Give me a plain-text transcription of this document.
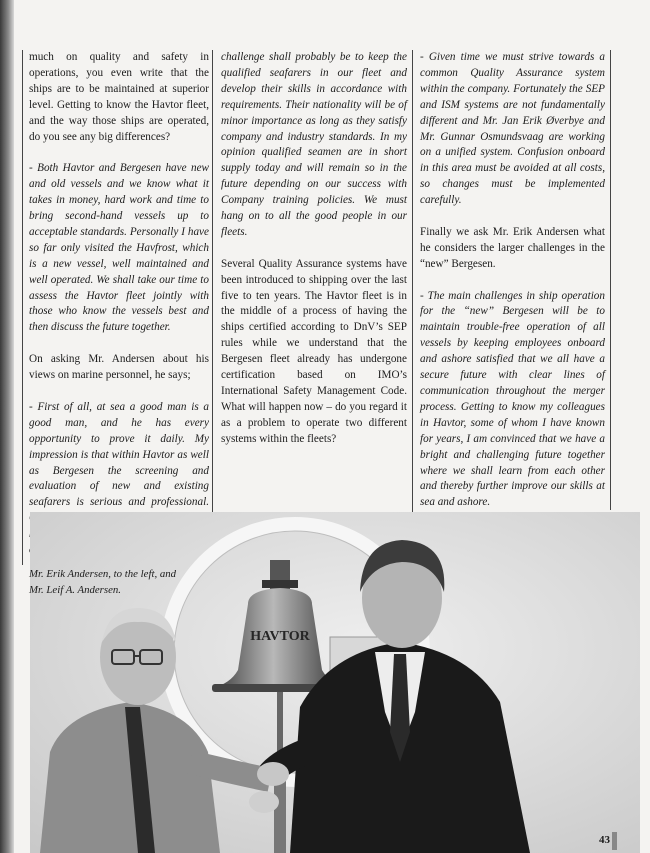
much on quality and safety in operations, you even write that the ships are to be maintained at superior level. Getting to know the Havtor fleet, and the way those ships are operated, do you see any big differences?

- Both Havtor and Bergesen have new and old vessels and we know what it takes in money, hard work and time to bring second-hand vessels up to acceptable standards. Personally I have so far only visited the Havfrost, which is a new vessel, well maintained and well operated. We shall take our time to assess the Havtor fleet jointly with those who know the vessels best and then discuss the future together.

On asking Mr. Andersen about his views on marine personnel, he says;

- First of all, at sea a good man is a good man, and he has every opportunity to prove it daily. My impression is that within Havtor as well as Bergesen the screening and evaluation of new and existing seafarers is serious and professional.

challenge shall probably be to keep the qualified seafarers in our fleet and develop their skills in accordance with requirements. Their nationality will be of minor importance as long as they satisfy company and industry standards. In my opinion qualified seamen are in short supply today and will remain so in the future depending on our success with Company training policies. We must hang on to all the good people in our fleets.

Several Quality Assurance systems have been introduced to shipping over the last five to ten years. The Havtor fleet is in the middle of a process of having the ships certified according to DnV’s SEP rules while we understand that the Bergesen fleet already has undergone certification based on IMO’s International Safety Management Code. What will happen now – do you regard it as a problem to operate two different systems within the fleets?

- Given time we must strive towards a common Quality Assurance system within the company. Fortunately the SEP and ISM systems are not fundamentally different and Mr. Jan Erik Øverbye and Mr. Gunnar Osmundsvaag are working on a unified system. Confusion onboard in this area must be avoided at all costs, so changes must be implemented carefully.

Finally we ask Mr. Erik Andersen what he considers the larger challenges in the “new” Bergesen.

- The main challenges in ship operation for the “new” Bergesen will be to maintain trouble-free operation of all vessels by keeping employees onboard and ashore satisfied that we all have a secure future with clear lines of communication throughout the merger process. Getting to know my colleagues in Havtor, some of whom I have known for years, I am convinced that we have a bright and challenging future together where we shall learn from each other and thereby further improve our skills at sea and ashore.

HAVTOR
Mr. Erik Andersen, to the left, and Mr. Leif A. Andersen.
43
